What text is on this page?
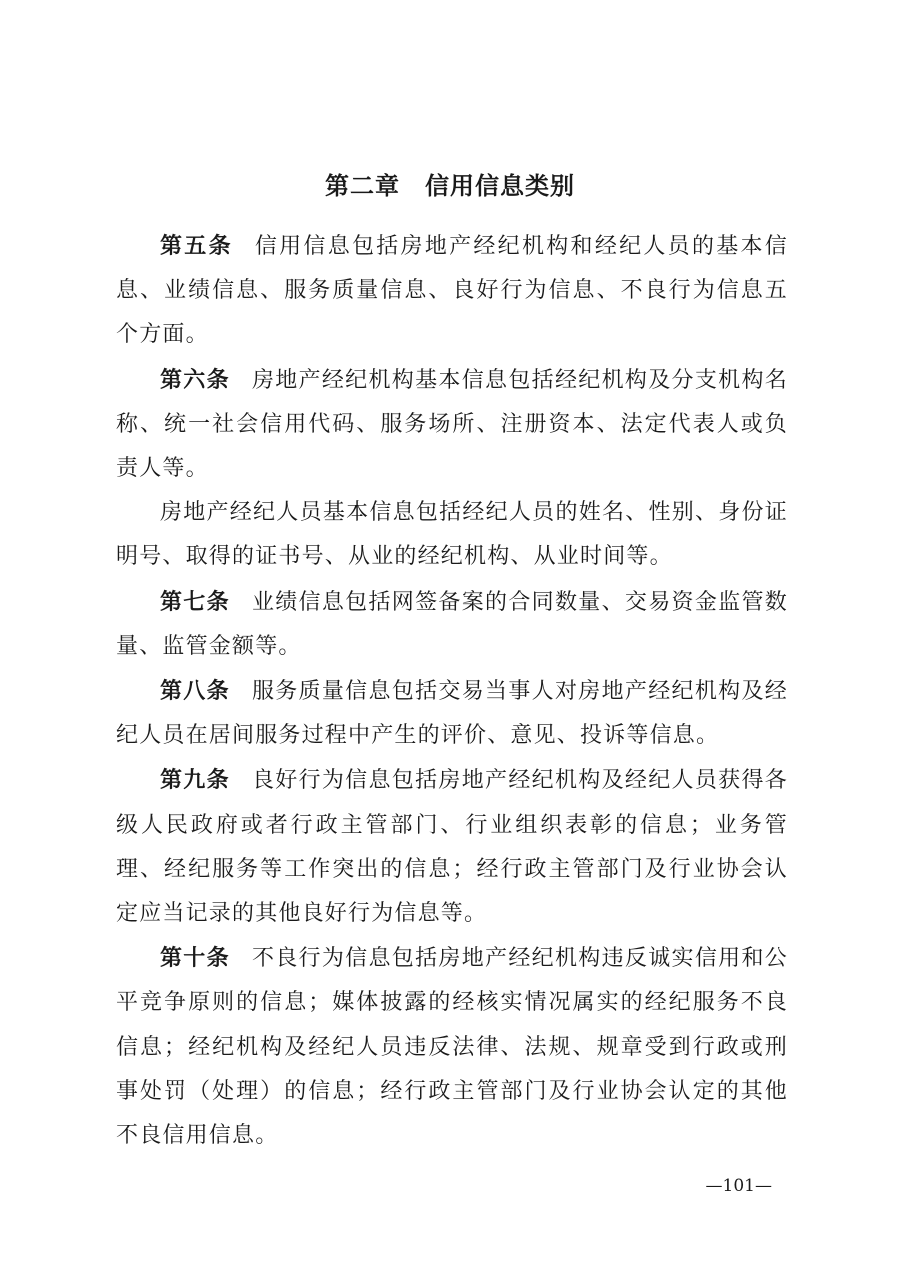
第二章　信用信息类别

第五条 信用信息包括房地产经纪机构和经纪人员的基本信息、业绩信息、服务质量信息、良好行为信息、不良行为信息五个方面。

第六条 房地产经纪机构基本信息包括经纪机构及分支机构名称、统一社会信用代码、服务场所、注册资本、法定代表人或负责人等。

房地产经纪人员基本信息包括经纪人员的姓名、性别、身份证明号、取得的证书号、从业的经纪机构、从业时间等。

第七条 业绩信息包括网签备案的合同数量、交易资金监管数量、监管金额等。

第八条 服务质量信息包括交易当事人对房地产经纪机构及经纪人员在居间服务过程中产生的评价、意见、投诉等信息。

第九条 良好行为信息包括房地产经纪机构及经纪人员获得各级人民政府或者行政主管部门、行业组织表彰的信息；业务管理、经纪服务等工作突出的信息；经行政主管部门及行业协会认定应当记录的其他良好行为信息等。

第十条 不良行为信息包括房地产经纪机构违反诚实信用和公平竞争原则的信息；媒体披露的经核实情况属实的经纪服务不良信息；经纪机构及经纪人员违反法律、法规、规章受到行政或刑事处罚（处理）的信息；经行政主管部门及行业协会认定的其他不良信用信息。

—101—
